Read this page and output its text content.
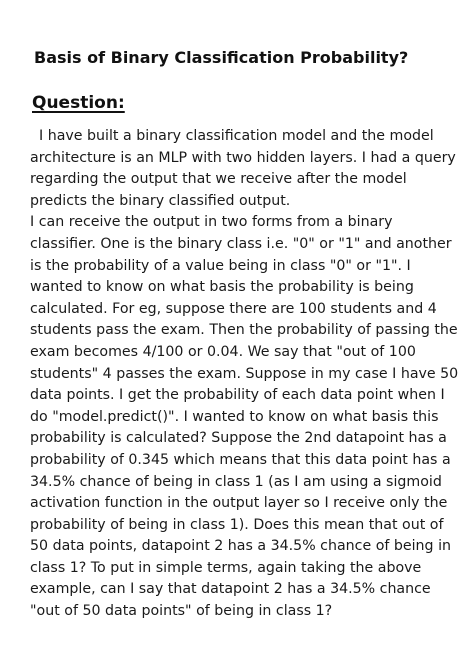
Basis of Binary Classification Probability?
Question:

I have built a binary classification model and the model architecture is an MLP with two hidden layers. I had a query regarding the output that we receive after the model predicts the binary classified output.

I can receive the output in two forms from a binary classifier. One is the binary class i.e. "0" or "1" and another is the probability of a value being in class "0" or "1". I wanted to know on what basis the probability is being calculated. For eg, suppose there are 100 students and 4 students pass the exam. Then the probability of passing the exam becomes 4/100 or 0.04. We say that "out of 100 students" 4 passes the exam. Suppose in my case I have 50 data points. I get the probability of each data point when I do "model.predict()". I wanted to know on what basis this probability is calculated? Suppose the 2nd datapoint has a probability of 0.345 which means that this data point has a 34.5% chance of being in class 1 (as I am using a sigmoid activation function in the output layer so I receive only the probability of being in class 1). Does this mean that out of 50 data points, datapoint 2 has a 34.5% chance of being in class 1? To put in simple terms, again taking the above example, can I say that datapoint 2 has a 34.5% chance "out of 50 data points" of being in class 1?
